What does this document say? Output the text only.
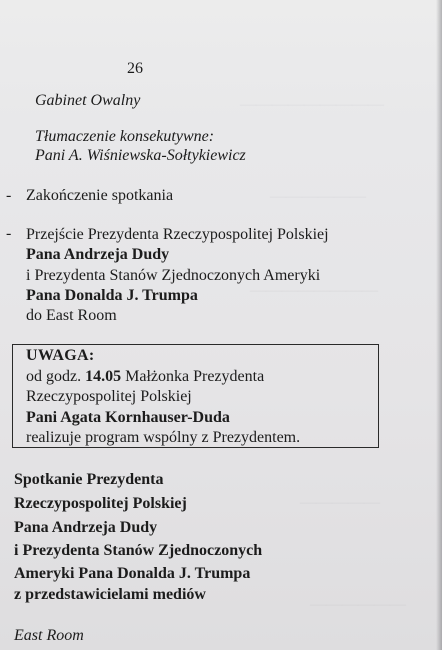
—————————
——————
————————
—————
——————
26
Gabinet Owalny
Tłumaczenie konsekutywne:
Pani A. Wiśniewska-Sołtykiewicz
- Zakończenie spotkania
- Przejście Prezydenta Rzeczypospolitej Polskiej
Pana Andrzeja Dudy
i Prezydenta Stanów Zjednoczonych Ameryki
Pana Donalda J. Trumpa
do East Room
UWAGA:
od godz. 14.05 Małżonka Prezydenta
Rzeczypospolitej Polskiej
Pani Agata Kornhauser-Duda
realizuje program wspólny z Prezydentem.
Spotkanie Prezydenta
Rzeczypospolitej Polskiej
Pana Andrzeja Dudy
i Prezydenta Stanów Zjednoczonych
Ameryki Pana Donalda J. Trumpa
z przedstawicielami mediów
East Room
